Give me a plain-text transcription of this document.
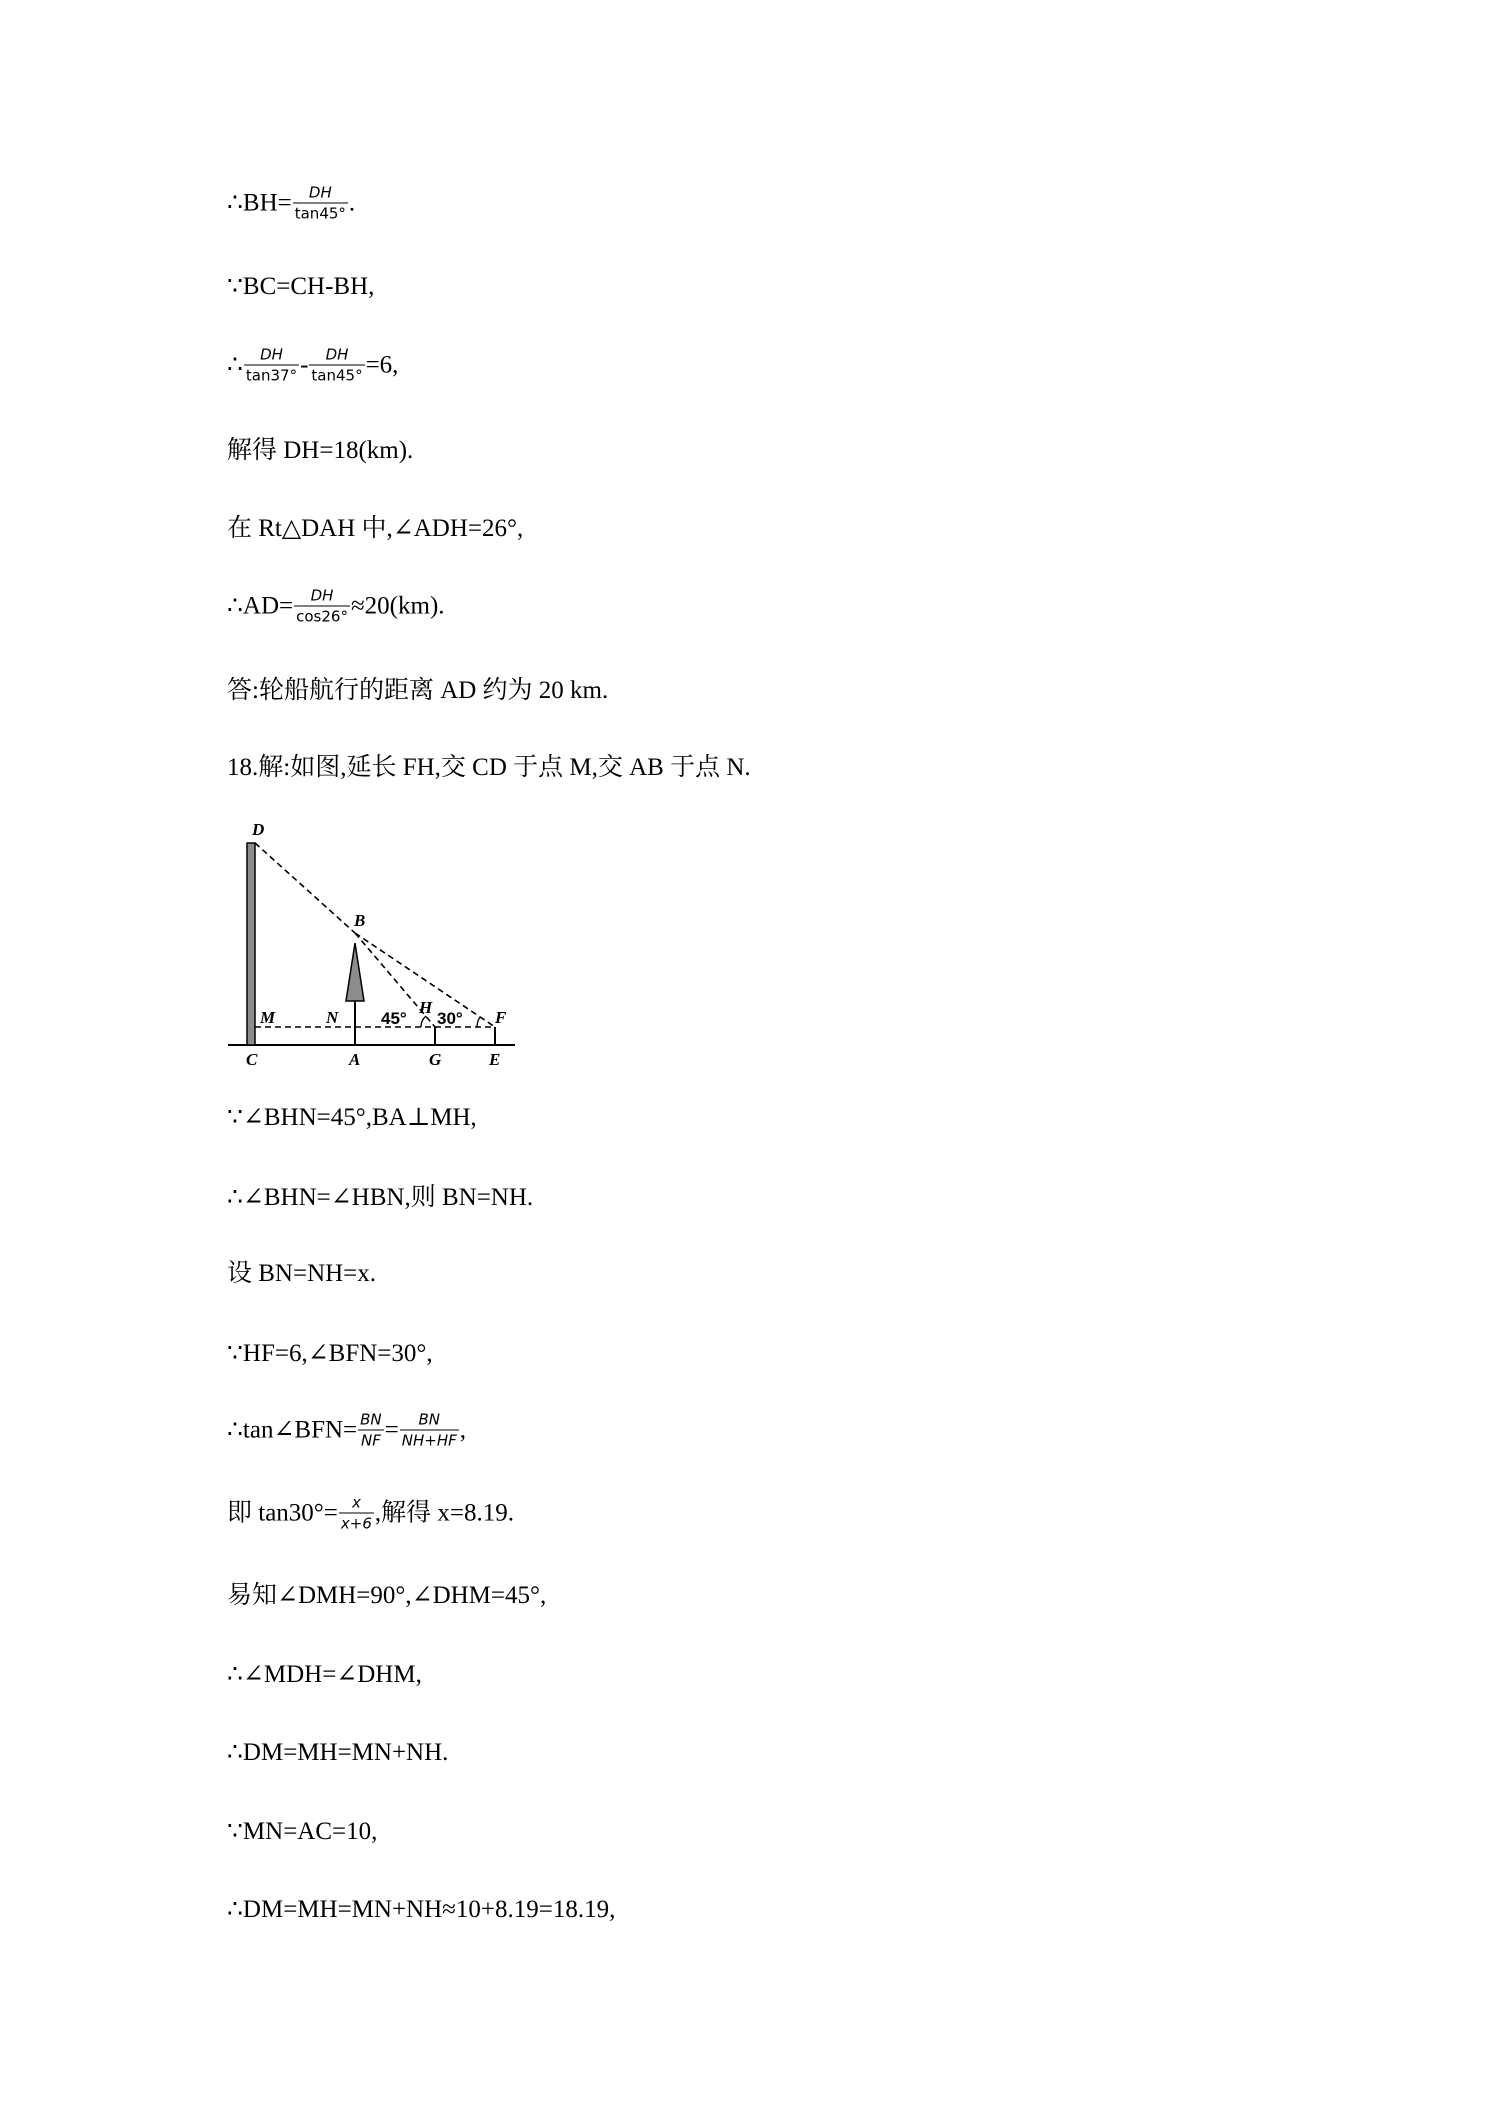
∴BH= $\frac{DH}{\tan 45^\circ}$ .
∵BC=CH-BH,
∴ $\frac{DH}{\tan 37^\circ} - \frac{DH}{\tan 45^\circ} =6$,
解得 DH=18(km).
在 Rt△DAH 中,∠ADH=26°,
∴AD= $\frac{DH}{\cos 26^\circ} \approx 20(km)$.
答:轮船航行的距离 AD 约为 20 km.
18.解:如图,延长 FH,交 CD 于点 M,交 AB 于点 N.
D
B
M	N
H
F
45° 30°
C	A	G	E
∵∠BHN=45°,BA⊥MH,
∴∠BHN=∠HBN,则 BN=NH.
设 BN=NH=x.
∵HF=6,∠BFN=30°,
∴tan∠BFN= $\frac{BN}{NF} = \frac{BN}{NH+HF}$ ,
即 $\tan 30^\circ= \frac{x}{x+6}$ ,解得 x=8.19.
易知∠DMH=90°,∠DHM=45°,
∴∠MDH=∠DHM,
∴DM=MH=MN+NH.
∵MN=AC=10,
∴DM=MH=MN+NH≈10+8.19=18.19,
